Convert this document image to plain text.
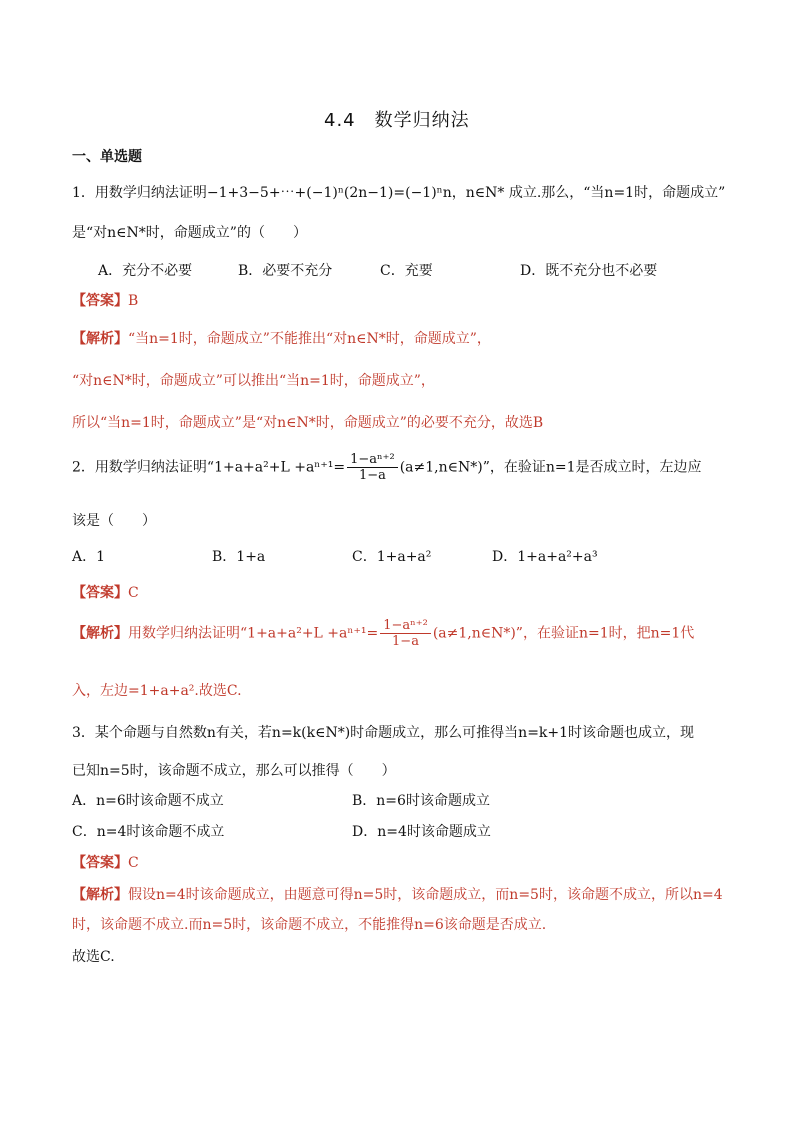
4.4　数学归纳法
一、单选题
1．用数学归纳法证明−1+3−5+⋯+(−1)ⁿ(2n−1)=(−1)ⁿn，n∈N* 成立.那么，“当n=1时，命题成立”
是“对n∈N*时，命题成立”的（　　）
A．充分不必要	B．必要不充分	C．充要	D．既不充分也不必要
【答案】B
【解析】“当n=1时，命题成立”不能推出“对n∈N*时，命题成立”，
“对n∈N*时，命题成立”可以推出“当n=1时，命题成立”，
所以“当n=1时，命题成立”是“对n∈N*时，命题成立”的必要不充分，故选B
2．用数学归纳法证明“$1+a+a^2+L +a^{n+1}= \frac{\text{1−aⁿ⁺²}}{1-a}$ (a≠1,n∈N*)”，在验证n=1是否成立时，左边应
该是（　　）
A．1	B．1+a	C．1+a+a²	D．1+a+a²+a³
【答案】C
【解析】用数学归纳法证明“$1+a+a^2+L +a^{n+1}= \frac{\text{1−aⁿ⁺²}}{1-a}$ (a≠1,n∈N*)”，在验证n=1时，把n=1代
入，左边=1+a+a².故选C.
3．某个命题与自然数n有关，若n=k(k∈N*)时命题成立，那么可推得当n=k+1时该命题也成立，现
已知n=5时，该命题不成立，那么可以推得（　　）
A．n=6时该命题不成立	B．n=6时该命题成立
C．n=4时该命题不成立	D．n=4时该命题成立
【答案】C
【解析】假设n=4时该命题成立，由题意可得n=5时，该命题成立，而n=5时，该命题不成立，所以n=4
时，该命题不成立.而n=5时，该命题不成立，不能推得n=6该命题是否成立.
故选C.
